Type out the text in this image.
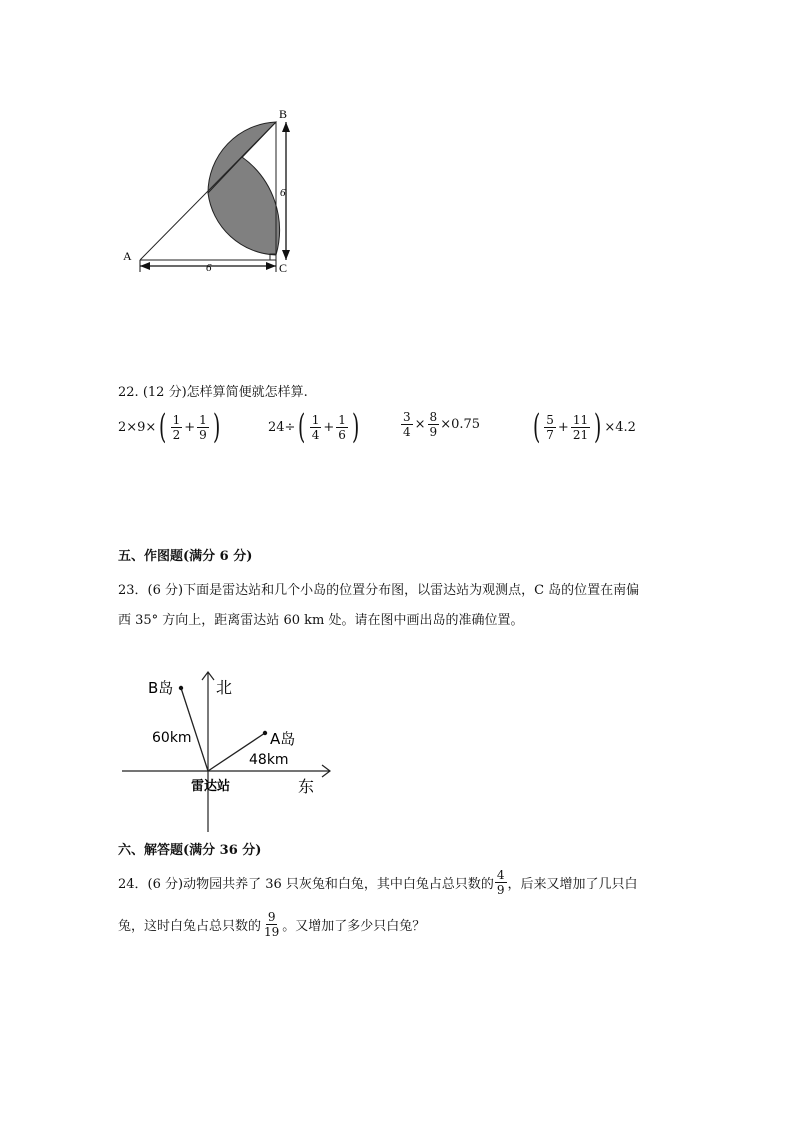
B
A
C
6
6
22. (12 分)怎样算简便就怎样算.
2×9× ( $\frac{1}{2} + \frac{1}{9}$ )	24÷ ( $\frac{1}{4} + \frac{1}{6}$ )	$\frac{3}{4} \times \frac{8}{9} \times 0.75$ ( $\frac{5}{7} + \frac{11}{21}$ ) ×4.2
五、作图题(满分 6 分)
23．(6 分)下面是雷达站和几个小岛的位置分布图，以雷达站为观测点，C 岛的位置在南偏
西 35° 方向上，距离雷达站 60 km 处。请在图中画出岛的准确位置。
B岛	北
60km	A岛
48km
雷达站	东
六、解答题(满分 36 分)
24．(6 分)动物园共养了 36 只灰兔和白兔，其中白兔占总只数的 $\frac{4}{9}$ ，后来又增加了几只白
兔，这时白兔占总只数的 $\frac{9}{19}$ 。又增加了多少只白兔？
